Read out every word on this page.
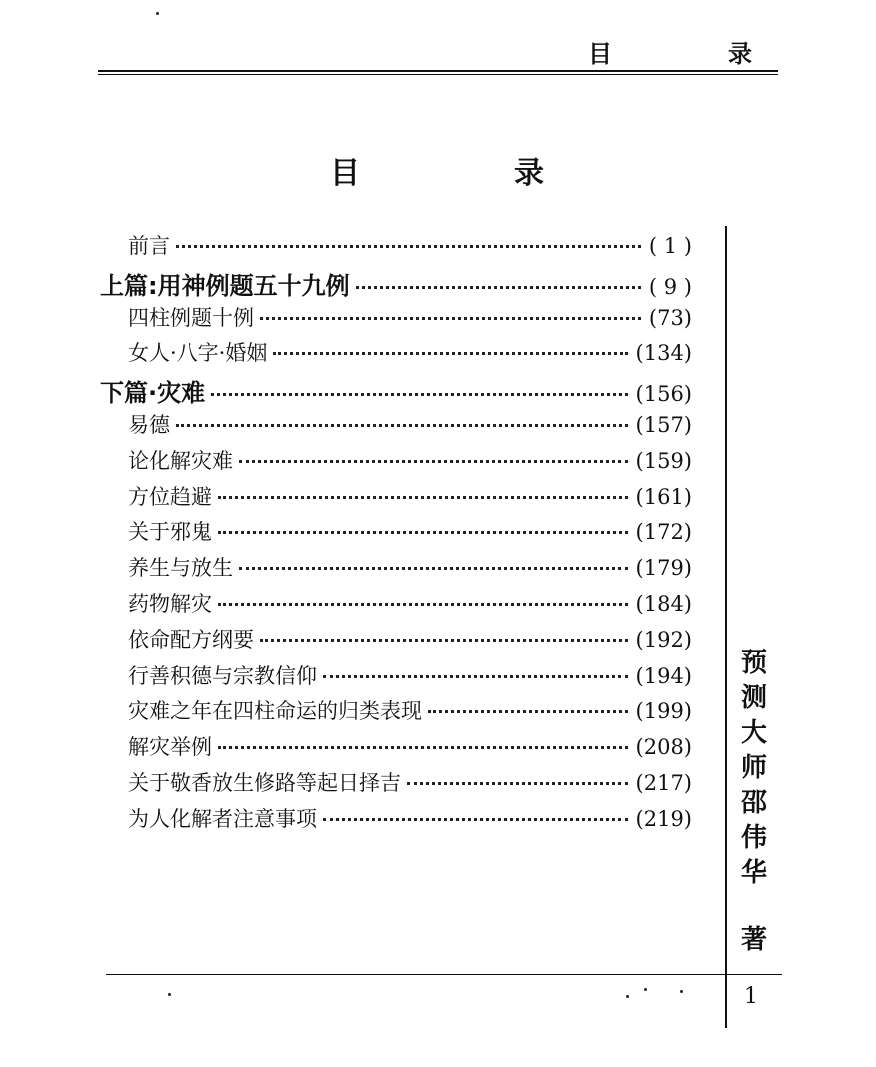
目　录
目　录
前言	( 1 )
上篇:用神例题五十九例	( 9 )
四柱例题十例	(73)
女人·八字·婚姻	(134)
下篇·灾难	(156)
易德	(157)
论化解灾难	(159)
方位趋避	(161)
关于邪鬼	(172)
养生与放生	(179)
药物解灾	(184)
依命配方纲要	(192)
行善积德与宗教信仰	(194)
灾难之年在四柱命运的归类表现	(199)
解灾举例	(208)
关于敬香放生修路等起日择吉	(217)
为人化解者注意事项	(219)
预
测
大
师
邵
伟
华
著
1
